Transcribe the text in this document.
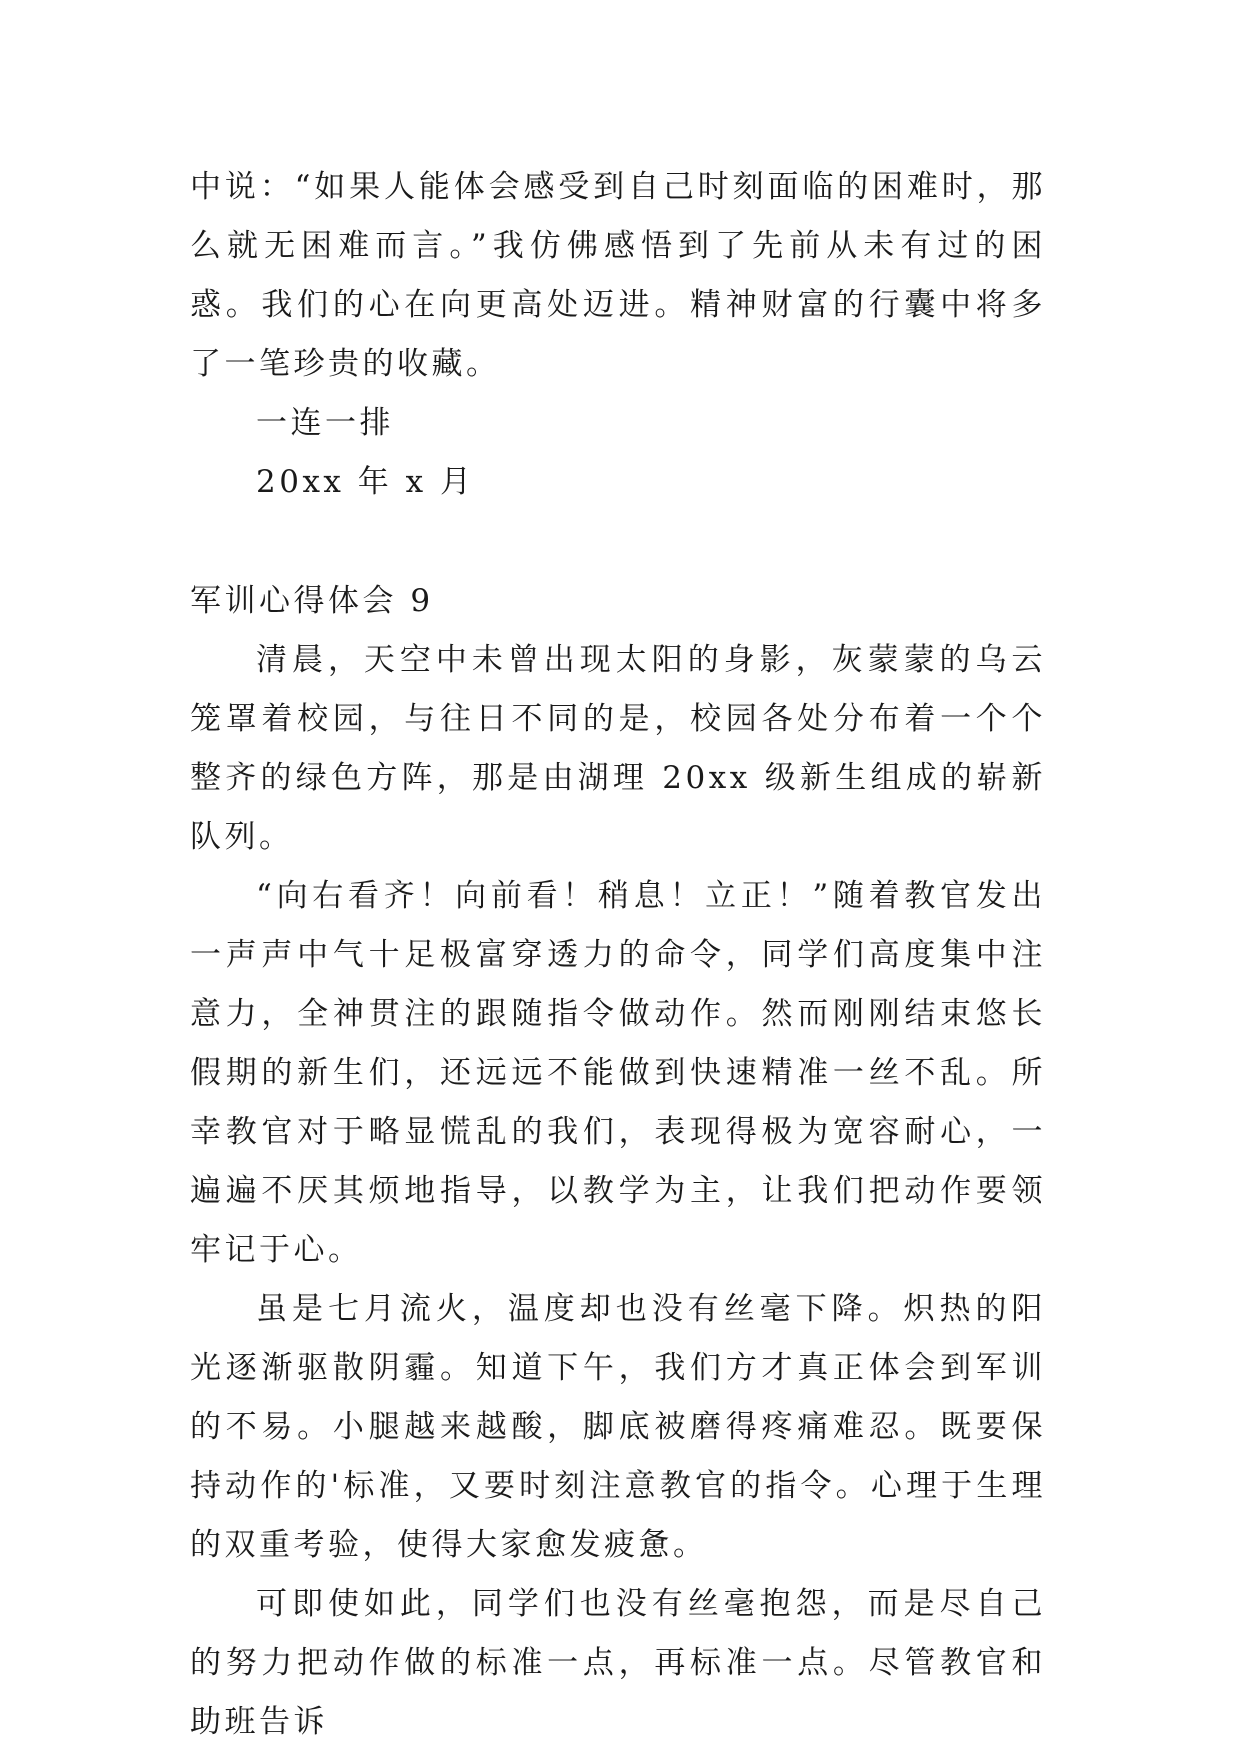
中说：“如果人能体会感受到自己时刻面临的困难时，那么就无困难而言。”我仿佛感悟到了先前从未有过的困惑。我们的心在向更高处迈进。精神财富的行囊中将多了一笔珍贵的收藏。

一连一排

20xx 年 x 月

军训心得体会 9

清晨，天空中未曾出现太阳的身影，灰蒙蒙的乌云笼罩着校园，与往日不同的是，校园各处分布着一个个整齐的绿色方阵，那是由湖理 20xx 级新生组成的崭新队列。

“向右看齐！向前看！稍息！立正！”随着教官发出一声声中气十足极富穿透力的命令，同学们高度集中注意力，全神贯注的跟随指令做动作。然而刚刚结束悠长假期的新生们，还远远不能做到快速精准一丝不乱。所幸教官对于略显慌乱的我们，表现得极为宽容耐心，一遍遍不厌其烦地指导，以教学为主，让我们把动作要领牢记于心。

虽是七月流火，温度却也没有丝毫下降。炽热的阳光逐渐驱散阴霾。知道下午，我们方才真正体会到军训的不易。小腿越来越酸，脚底被磨得疼痛难忍。既要保持动作的'标准，又要时刻注意教官的指令。心理于生理的双重考验，使得大家愈发疲惫。

可即使如此，同学们也没有丝毫抱怨，而是尽自己的努力把动作做的标准一点，再标准一点。尽管教官和助班告诉
